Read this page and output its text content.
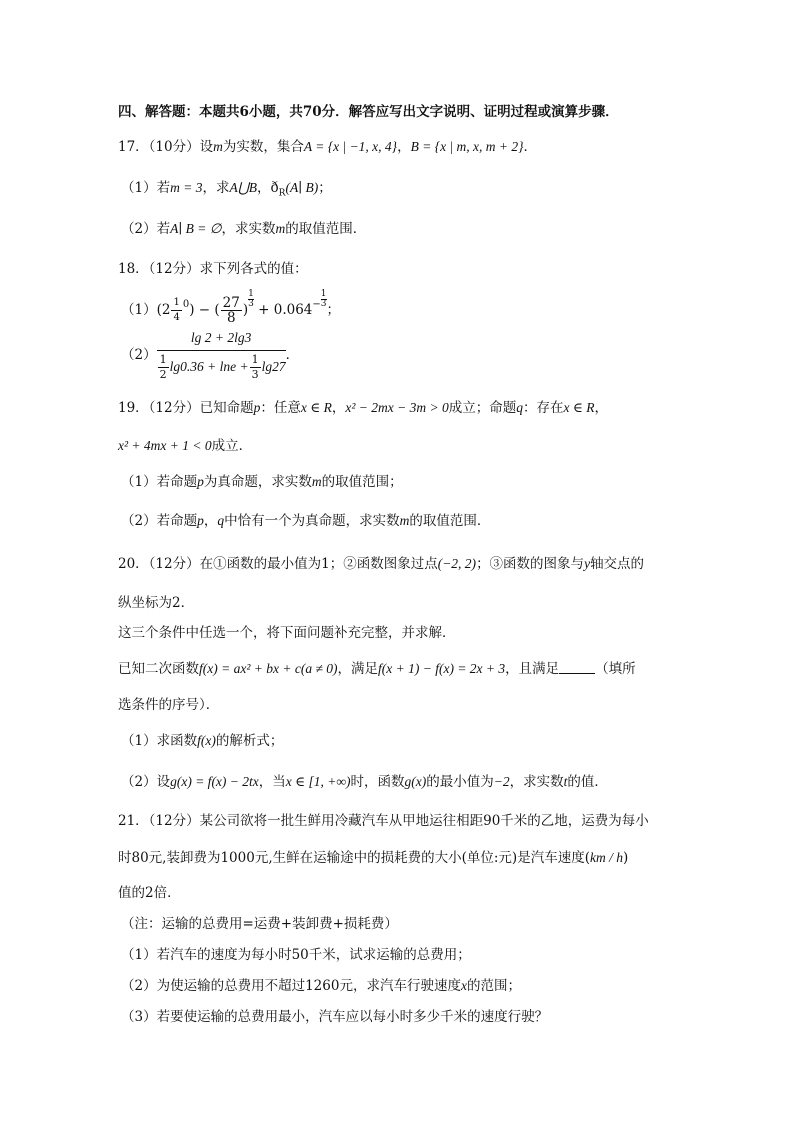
四、解答题：本题共6小题，共70分．解答应写出文字说明、证明过程或演算步骤．
17．（10分）设m为实数，集合A = {x | −1, x, 4}，B = {x | m, x, m + 2}．
（1）若m = 3，求A⋃B，$ð_R(A∣$ B)；
（2）若A∣ B = ∅，求实数m的取值范围．
18．（12分）求下列各式的值：
$(1)(2 \frac{1}{4} ^0)$ − ( $\frac{27}{8}$ )
$\frac{1}{3}$
+ $0.064^- \frac{1}{3}$
；
$(2) \frac{\lg 2 + 2\lg 3}{\frac{1}{2} \lg 0.36 + \ln e + \frac{1}{3} \lg 27}$ ．
19．（12分）已知命题p：任意x ∈ R，x² − 2mx − 3m > 0成立；命题q：存在x ∈ R，
x² + 4mx + 1 < 0成立．
（1）若命题p为真命题，求实数m的取值范围；
（2）若命题p，q中恰有一个为真命题，求实数m的取值范围．
20．（12分）在①函数的最小值为1；②函数图象过点(−2, 2)；③函数的图象与y轴交点的
纵坐标为2．
这三个条件中任选一个，将下面问题补充完整，并求解．
已知二次函数f(x) = ax² + bx + c(a ≠ 0)，满足f(x + 1) − f(x) = 2x + 3，且满足	（填所
选条件的序号）．
（1）求函数f(x)的解析式；
（2）设g(x) = f(x) − 2tx，当x ∈ [1, +∞)时，函数g(x)的最小值为−2，求实数t的值．
21．（12分）某公司欲将一批生鲜用冷藏汽车从甲地运往相距90千米的乙地，运费为每小
时80元,装卸费为1000元,生鲜在运输途中的损耗费的大小(单位:元)是汽车速度(km / h)
值的2倍．
（注：运输的总费用=运费+装卸费+损耗费）
（1）若汽车的速度为每小时50千米，试求运输的总费用；
（2）为使运输的总费用不超过1260元，求汽车行驶速度x的范围；
（3）若要使运输的总费用最小，汽车应以每小时多少千米的速度行驶？
